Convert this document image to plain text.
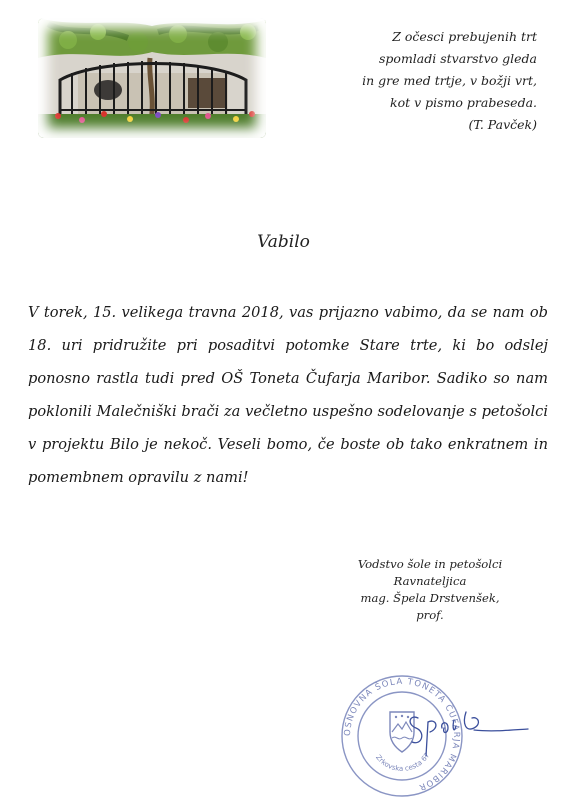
Z očesci prebujenih trt
spomladi stvarstvo gleda
in gre med trtje, v božji vrt,
kot v pismo prabeseda.
(T. Pavček)
Vabilo
V torek, 15. velikega travna 2018, vas prijazno vabimo, da se nam ob 18. uri pridružite pri posaditvi potomke Stare trte, ki bo odslej ponosno rastla tudi pred OŠ Toneta Čufarja Maribor. Sadiko so nam poklonili Malečniški brači za večletno uspešno sodelovanje s petošolci v projektu Bilo je nekoč. Veseli bomo, če boste ob tako enkratnem in pomembnem opravilu z nami!
Vodstvo šole in petošolci
Ravnateljica
mag. Špela Drstvenšek,
prof.
OSNOVNA ŠOLA TONETA ČUFARJA MARIBOR
Zrkovska cesta 67
